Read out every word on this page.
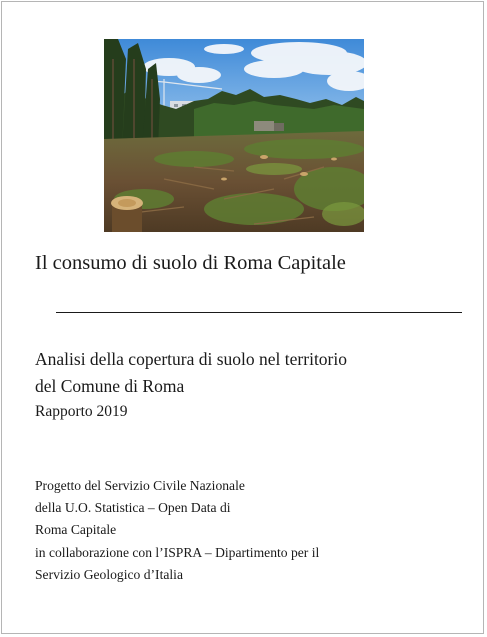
Il consumo di suolo di Roma Capitale
Analisi della copertura di suolo nel territorio
del Comune di Roma
Rapporto 2019
Progetto del Servizio Civile Nazionale
della U.O. Statistica – Open Data di
Roma Capitale
in collaborazione con l’ISPRA – Dipartimento per il
Servizio Geologico d’Italia
